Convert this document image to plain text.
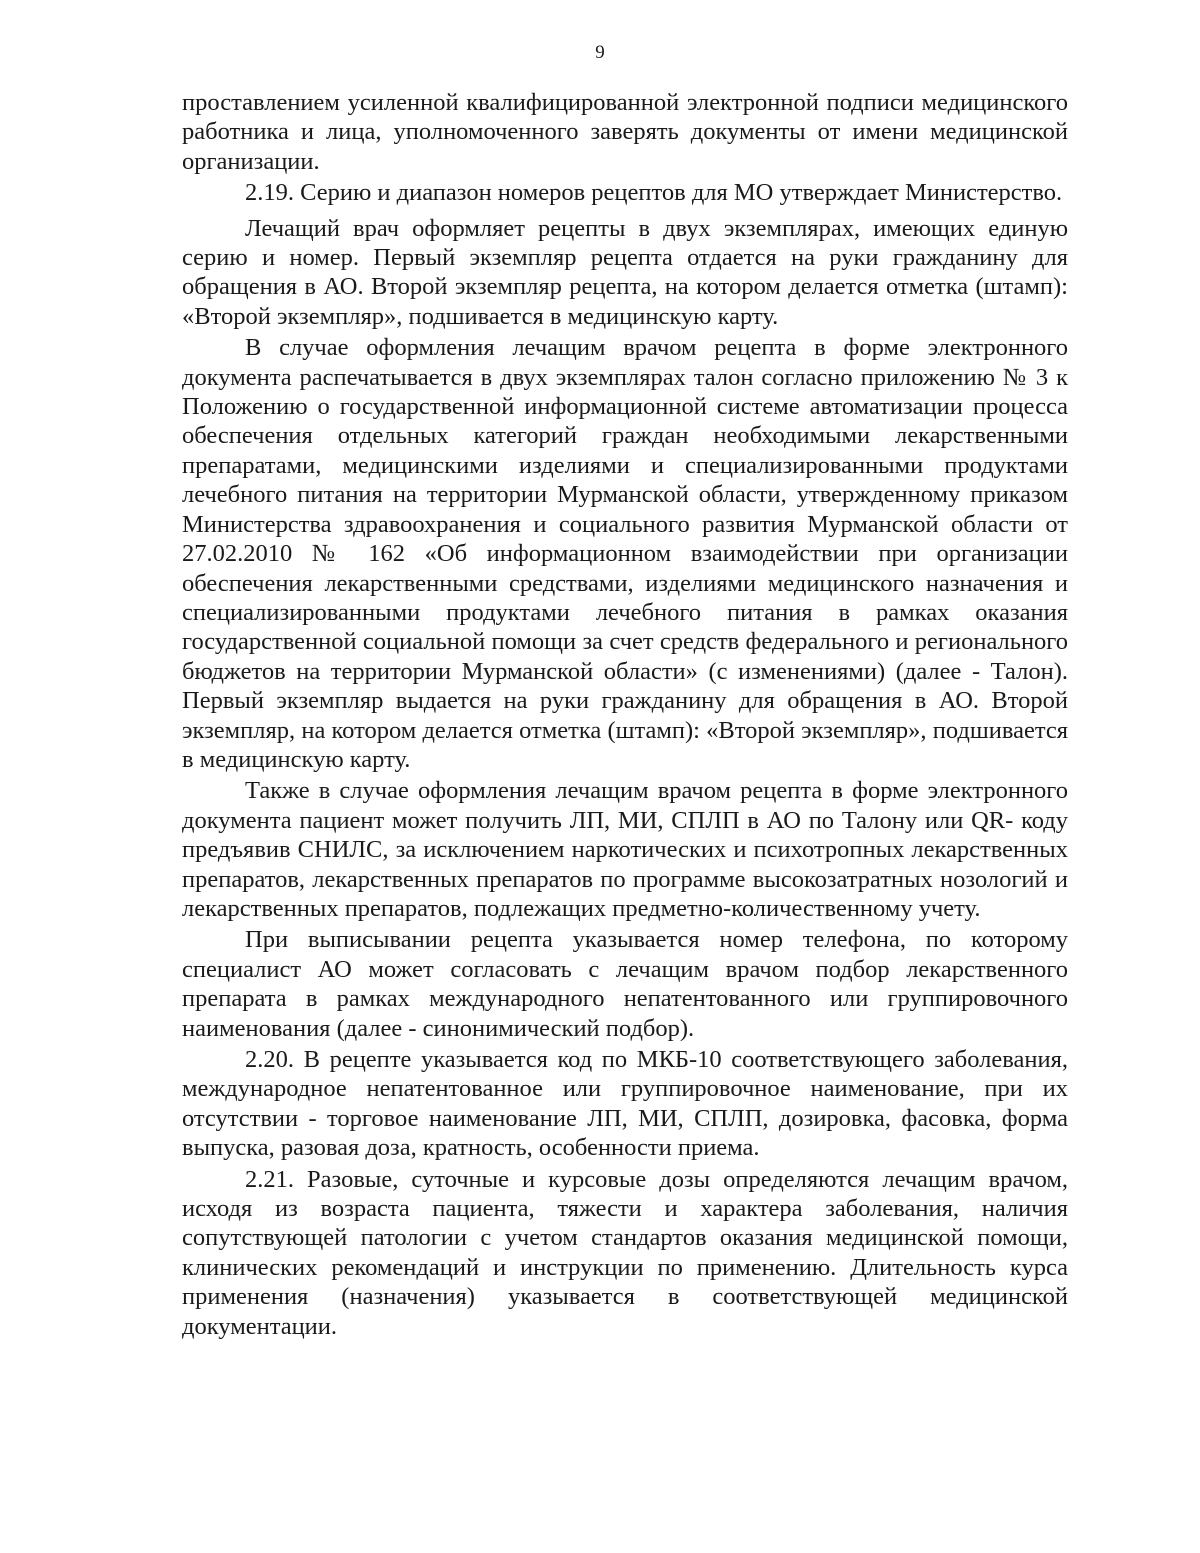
9

проставлением усиленной квалифицированной электронной подписи медицинского работника и лица, уполномоченного заверять документы от имени медицинской организации.

2.19. Серию и диапазон номеров рецептов для МО утверждает Министерство.

Лечащий врач оформляет рецепты в двух экземплярах, имеющих единую серию и номер. Первый экземпляр рецепта отдается на руки гражданину для обращения в АО. Второй экземпляр рецепта, на котором делается отметка (штамп): «Второй экземпляр», подшивается в медицинскую карту.

В случае оформления лечащим врачом рецепта в форме электронного документа распечатывается в двух экземплярах талон согласно приложению № 3 к Положению о государственной информационной системе автоматизации процесса обеспечения отдельных категорий граждан необходимыми лекарственными препаратами, медицинскими изделиями и специализированными продуктами лечебного питания на территории Мурманской области, утвержденному приказом Министерства здравоохранения и социального развития Мурманской области от 27.02.2010 № 162 «Об информационном взаимодействии при организации обеспечения лекарственными средствами, изделиями медицинского назначения и специализированными продуктами лечебного питания в рамках оказания государственной социальной помощи за счет средств федерального и регионального бюджетов на территории Мурманской области» (с изменениями) (далее - Талон). Первый экземпляр выдается на руки гражданину для обращения в АО. Второй экземпляр, на котором делается отметка (штамп): «Второй экземпляр», подшивается в медицинскую карту.

Также в случае оформления лечащим врачом рецепта в форме электронного документа пациент может получить ЛП, МИ, СПЛП в АО по Талону или QR- коду предъявив СНИЛС, за исключением наркотических и психотропных лекарственных препаратов, лекарственных препаратов по программе высокозатратных нозологий и лекарственных препаратов, подлежащих предметно-количественному учету.

При выписывании рецепта указывается номер телефона, по которому специалист АО может согласовать с лечащим врачом подбор лекарственного препарата в рамках международного непатентованного или группировочного наименования (далее - синонимический подбор).

2.20. В рецепте указывается код по МКБ-10 соответствующего заболевания, международное непатентованное или группировочное наименование, при их отсутствии - торговое наименование ЛП, МИ, СПЛП, дозировка, фасовка, форма выпуска, разовая доза, кратность, особенности приема.

2.21. Разовые, суточные и курсовые дозы определяются лечащим врачом, исходя из возраста пациента, тяжести и характера заболевания, наличия сопутствующей патологии с учетом стандартов оказания медицинской помощи, клинических рекомендаций и инструкции по применению. Длительность курса применения (назначения) указывается в соответствующей медицинской документации.
